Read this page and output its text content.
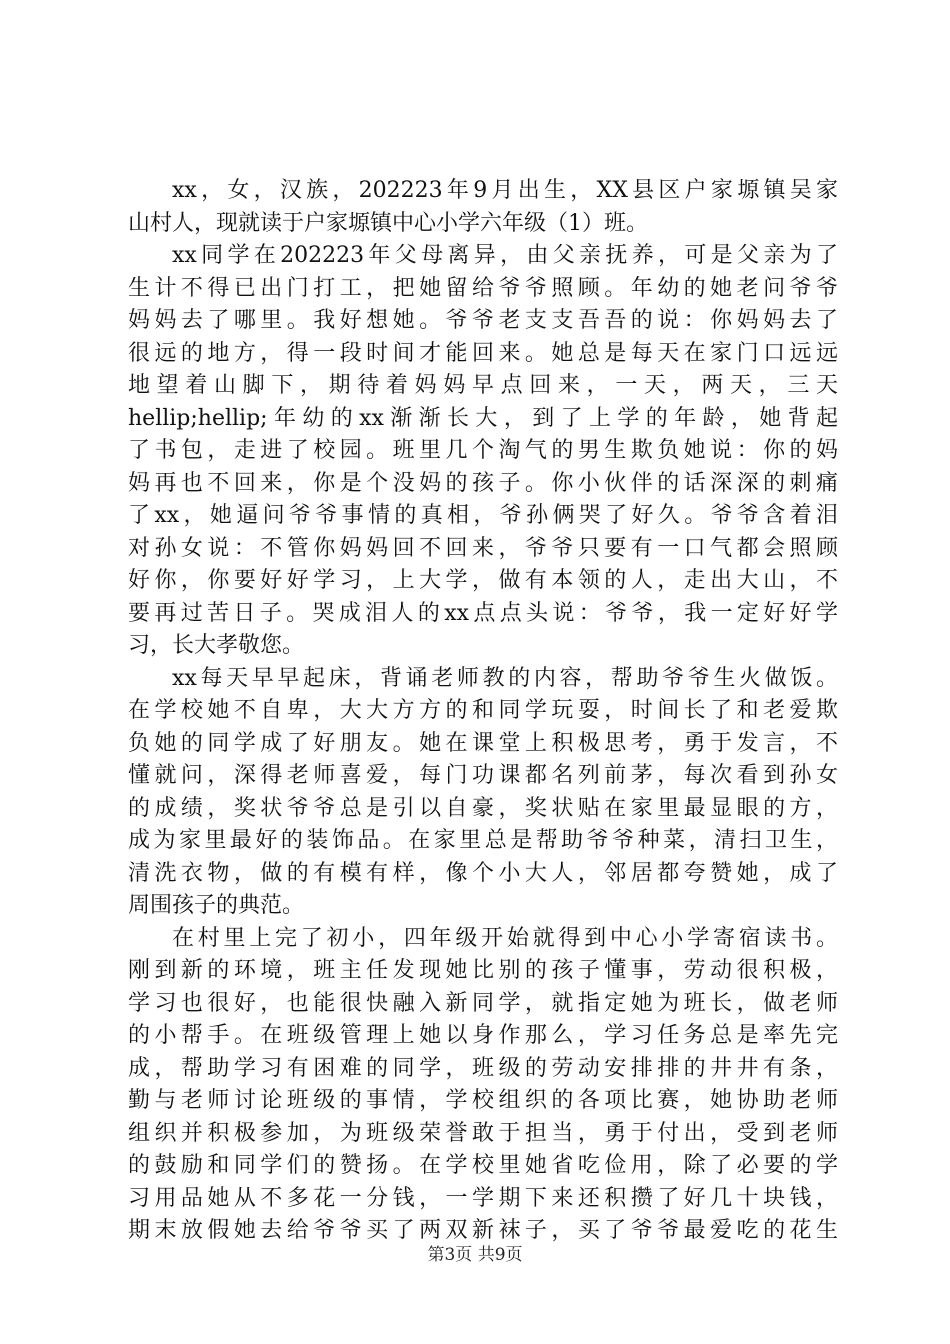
xx，女，汉族，202223年9月出生，XX县区户家塬镇吴家
山村人，现就读于户家塬镇中心小学六年级（1）班。
xx同学在202223年父母离异，由父亲抚养，可是父亲为了
生计不得已出门打工，把她留给爷爷照顾。年幼的她老问爷爷
妈妈去了哪里。我好想她。爷爷老支支吾吾的说：你妈妈去了
很远的地方，得一段时间才能回来。她总是每天在家门口远远
地望着山脚下，期待着妈妈早点回来，一天，两天，三天
hellip;hellip;年幼的xx渐渐长大，到了上学的年龄，她背起
了书包，走进了校园。班里几个淘气的男生欺负她说：你的妈
妈再也不回来，你是个没妈的孩子。你小伙伴的话深深的刺痛
了xx，她逼问爷爷事情的真相，爷孙俩哭了好久。爷爷含着泪
对孙女说：不管你妈妈回不回来，爷爷只要有一口气都会照顾
好你，你要好好学习，上大学，做有本领的人，走出大山，不
要再过苦日子。哭成泪人的xx点点头说：爷爷，我一定好好学
习，长大孝敬您。
xx每天早早起床，背诵老师教的内容，帮助爷爷生火做饭。
在学校她不自卑，大大方方的和同学玩耍，时间长了和老爱欺
负她的同学成了好朋友。她在课堂上积极思考，勇于发言，不
懂就问，深得老师喜爱，每门功课都名列前茅，每次看到孙女
的成绩，奖状爷爷总是引以自豪，奖状贴在家里最显眼的方，
成为家里最好的装饰品。在家里总是帮助爷爷种菜，清扫卫生，
清洗衣物，做的有模有样，像个小大人，邻居都夸赞她，成了
周围孩子的典范。
在村里上完了初小，四年级开始就得到中心小学寄宿读书。
刚到新的环境，班主任发现她比别的孩子懂事，劳动很积极，
学习也很好，也能很快融入新同学，就指定她为班长，做老师
的小帮手。在班级管理上她以身作那么，学习任务总是率先完
成，帮助学习有困难的同学，班级的劳动安排排的井井有条，
勤与老师讨论班级的事情，学校组织的各项比赛，她协助老师
组织并积极参加，为班级荣誉敢于担当，勇于付出，受到老师
的鼓励和同学们的赞扬。在学校里她省吃俭用，除了必要的学
习用品她从不多花一分钱，一学期下来还积攒了好几十块钱，
期末放假她去给爷爷买了两双新袜子，买了爷爷最爱吃的花生
第3页 共9页
